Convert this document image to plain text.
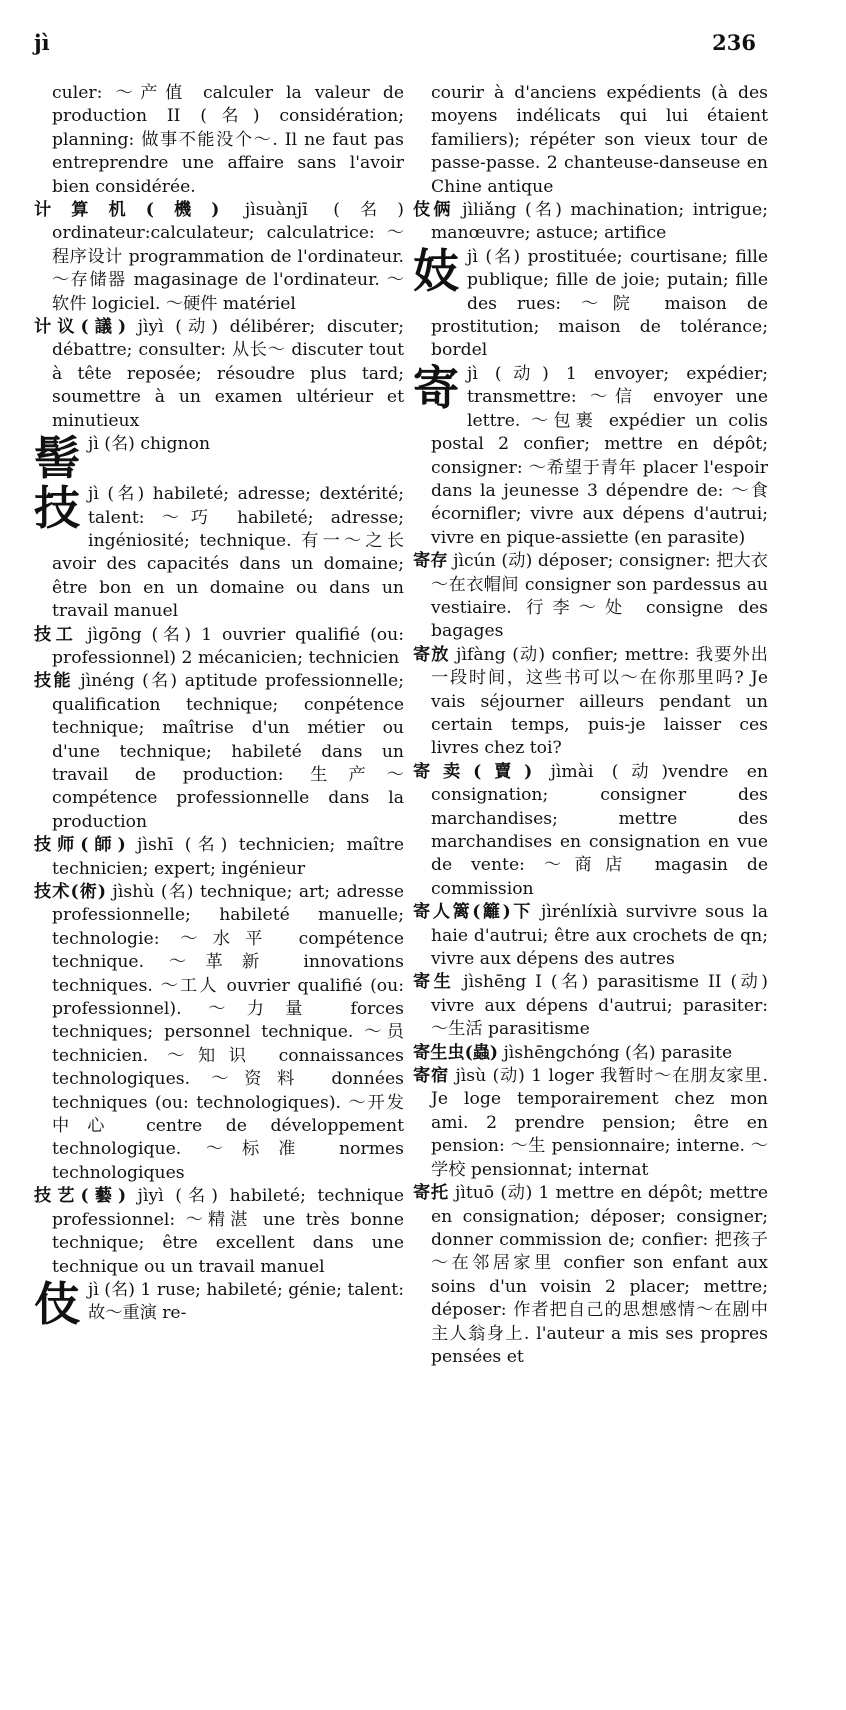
jì	236

culer: ～产值 calculer la valeur de production II (名) considération; planning: 做事不能没个～. Il ne faut pas entreprendre une affaire sans l'avoir bien considérée.

计算机(機) jìsuànjī (名) ordinateur:calculateur; calculatrice: ～程序设计 programmation de l'ordinateur. ～存储器 magasinage de l'ordinateur. ～软件 logiciel. ～硬件 matériel

计议(議) jìyì (动) délibérer; discuter; débattre; consulter: 从长～ discuter tout à tête reposée; résoudre plus tard; soumettre à un examen ultérieur et minutieux

髻jì (名) chignon

技jì (名) habileté; adresse; dextérité; talent: ～巧 habileté; adresse; ingéniosité; technique. 有一～之长 avoir des capacités dans un domaine; être bon en un domaine ou dans un travail manuel

技工 jìgōng (名) 1 ouvrier qualifié (ou: professionnel) 2 mécanicien; technicien

技能 jìnéng (名) aptitude professionnelle; qualification technique; conpétence technique; maîtrise d'un métier ou d'une technique; habileté dans un travail de production: 生产～ compétence professionnelle dans la production

技师(師) jìshī (名) technicien; maître technicien; expert; ingénieur

技术(術) jìshù (名) technique; art; adresse professionnelle; habileté manuelle; technologie: ～水平 compétence technique. ～革新 innovations techniques. ～工人 ouvrier qualifié (ou: professionnel). ～力量 forces techniques; personnel technique. ～员 technicien. ～知识 connaissances technologiques. ～资料 données techniques (ou: technologiques). ～开发中心 centre de développement technologique. ～标准 normes technologiques

技艺(藝) jìyì (名) habileté; technique professionnel: ～精湛 une très bonne technique; être excellent dans une technique ou un travail manuel

伎jì (名) 1 ruse; habileté; génie; talent: 故～重演 re-

courir à d'anciens expédients (à des moyens indélicats qui lui étaient familiers); répéter son vieux tour de passe-passe. 2 chanteuse-danseuse en Chine antique

伎俩 jìliǎng (名) machination; intrigue; manœuvre; astuce; artifice

妓jì (名) prostituée; courtisane; fille publique; fille de joie; putain; fille des rues: ～院 maison de prostitution; maison de tolérance; bordel

寄jì (动) 1 envoyer; expédier; transmettre: ～信 envoyer une lettre. ～包裹 expédier un colis postal 2 confier; mettre en dépôt; consigner: ～希望于青年 placer l'espoir dans la jeunesse 3 dépendre de: ～食 écornifler; vivre aux dépens d'autrui; vivre en pique-assiette (en parasite)

寄存 jìcún (动) déposer; consigner: 把大衣～在衣帽间 consigner son pardessus au vestiaire. 行李～处 consigne des bagages

寄放 jìfàng (动) confier; mettre: 我要外出一段时间，这些书可以～在你那里吗? Je vais séjourner ailleurs pendant un certain temps, puis-je laisser ces livres chez toi?

寄卖(賣) jìmài (动)vendre en consignation; consigner des marchandises; mettre des marchandises en consignation en vue de vente: ～商店 magasin de commission

寄人篱(籬)下 jìrénlíxià survivre sous la haie d'autrui; être aux crochets de qn; vivre aux dépens des autres

寄生 jìshēng I (名) parasitisme II (动) vivre aux dépens d'autrui; parasiter: ～生活 parasitisme

寄生虫(蟲) jìshēngchóng (名) parasite

寄宿 jìsù (动) 1 loger 我暂时～在朋友家里. Je loge temporairement chez mon ami. 2 prendre pension; être en pension: ～生 pensionnaire; interne. ～学校 pensionnat; internat

寄托 jìtuō (动) 1 mettre en dépôt; mettre en consignation; déposer; consigner; donner commission de; confier: 把孩子～在邻居家里 confier son enfant aux soins d'un voisin 2 placer; mettre; déposer: 作者把自己的思想感情～在剧中主人翁身上. l'auteur a mis ses propres pensées et
